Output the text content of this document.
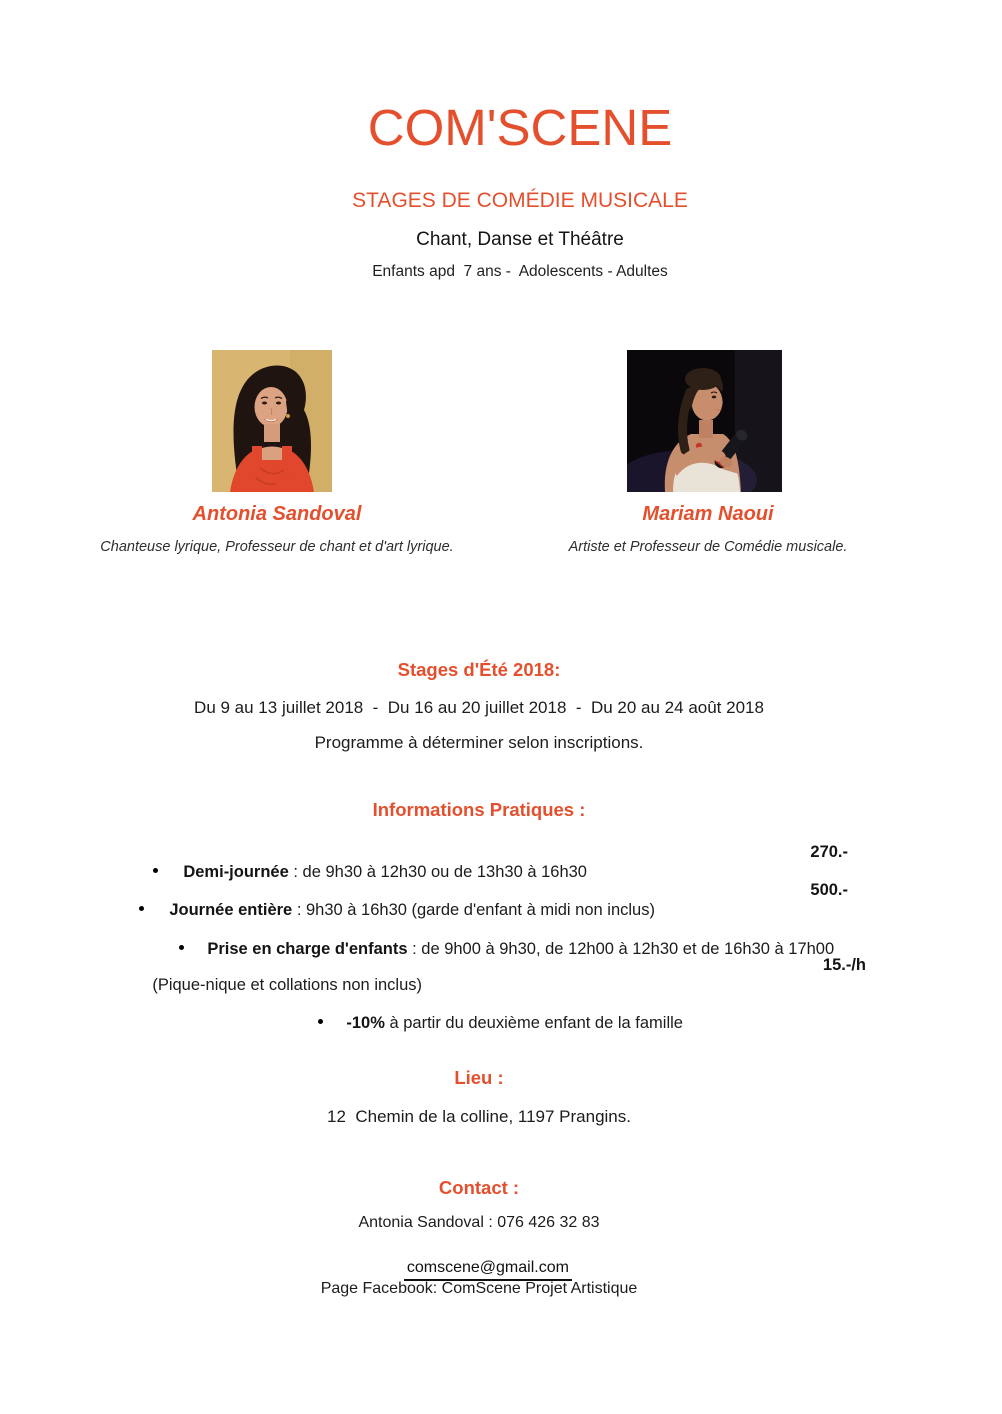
COM'SCENE
STAGES DE COMÉDIE MUSICALE
Chant, Danse et Théâtre
Enfants apd  7 ans -  Adolescents - Adultes
Antonia Sandoval	Mariam Naoui
Chanteuse lyrique, Professeur de chant et d'art lyrique.	Artiste et Professeur de Comédie musicale.
Stages d'Été 2018:
Du 9 au 13 juillet 2018  -  Du 16 au 20 juillet 2018  -  Du 20 au 24 août 2018
Programme à déterminer selon inscriptions.
Informations Pratiques :

Demi-journée : de 9h30 à 12h30 ou de 13h30 à 16h30

270.-

Journée entière : 9h30 à 16h30 (garde d'enfant à midi non inclus)

500.-

Prise en charge d'enfants : de 9h00 à 9h30, de 12h00 à 12h30 et de 16h30 à 17h00

(Pique-nique et collations non inclus)

15.-/h

-10% à partir du deuxième enfant de la famille

Lieu :
12  Chemin de la colline, 1197 Prangins.
Contact :
Antonia Sandoval : 076 426 32 83

comscene@gmail.com

Page Facebook: ComScene Projet Artistique
